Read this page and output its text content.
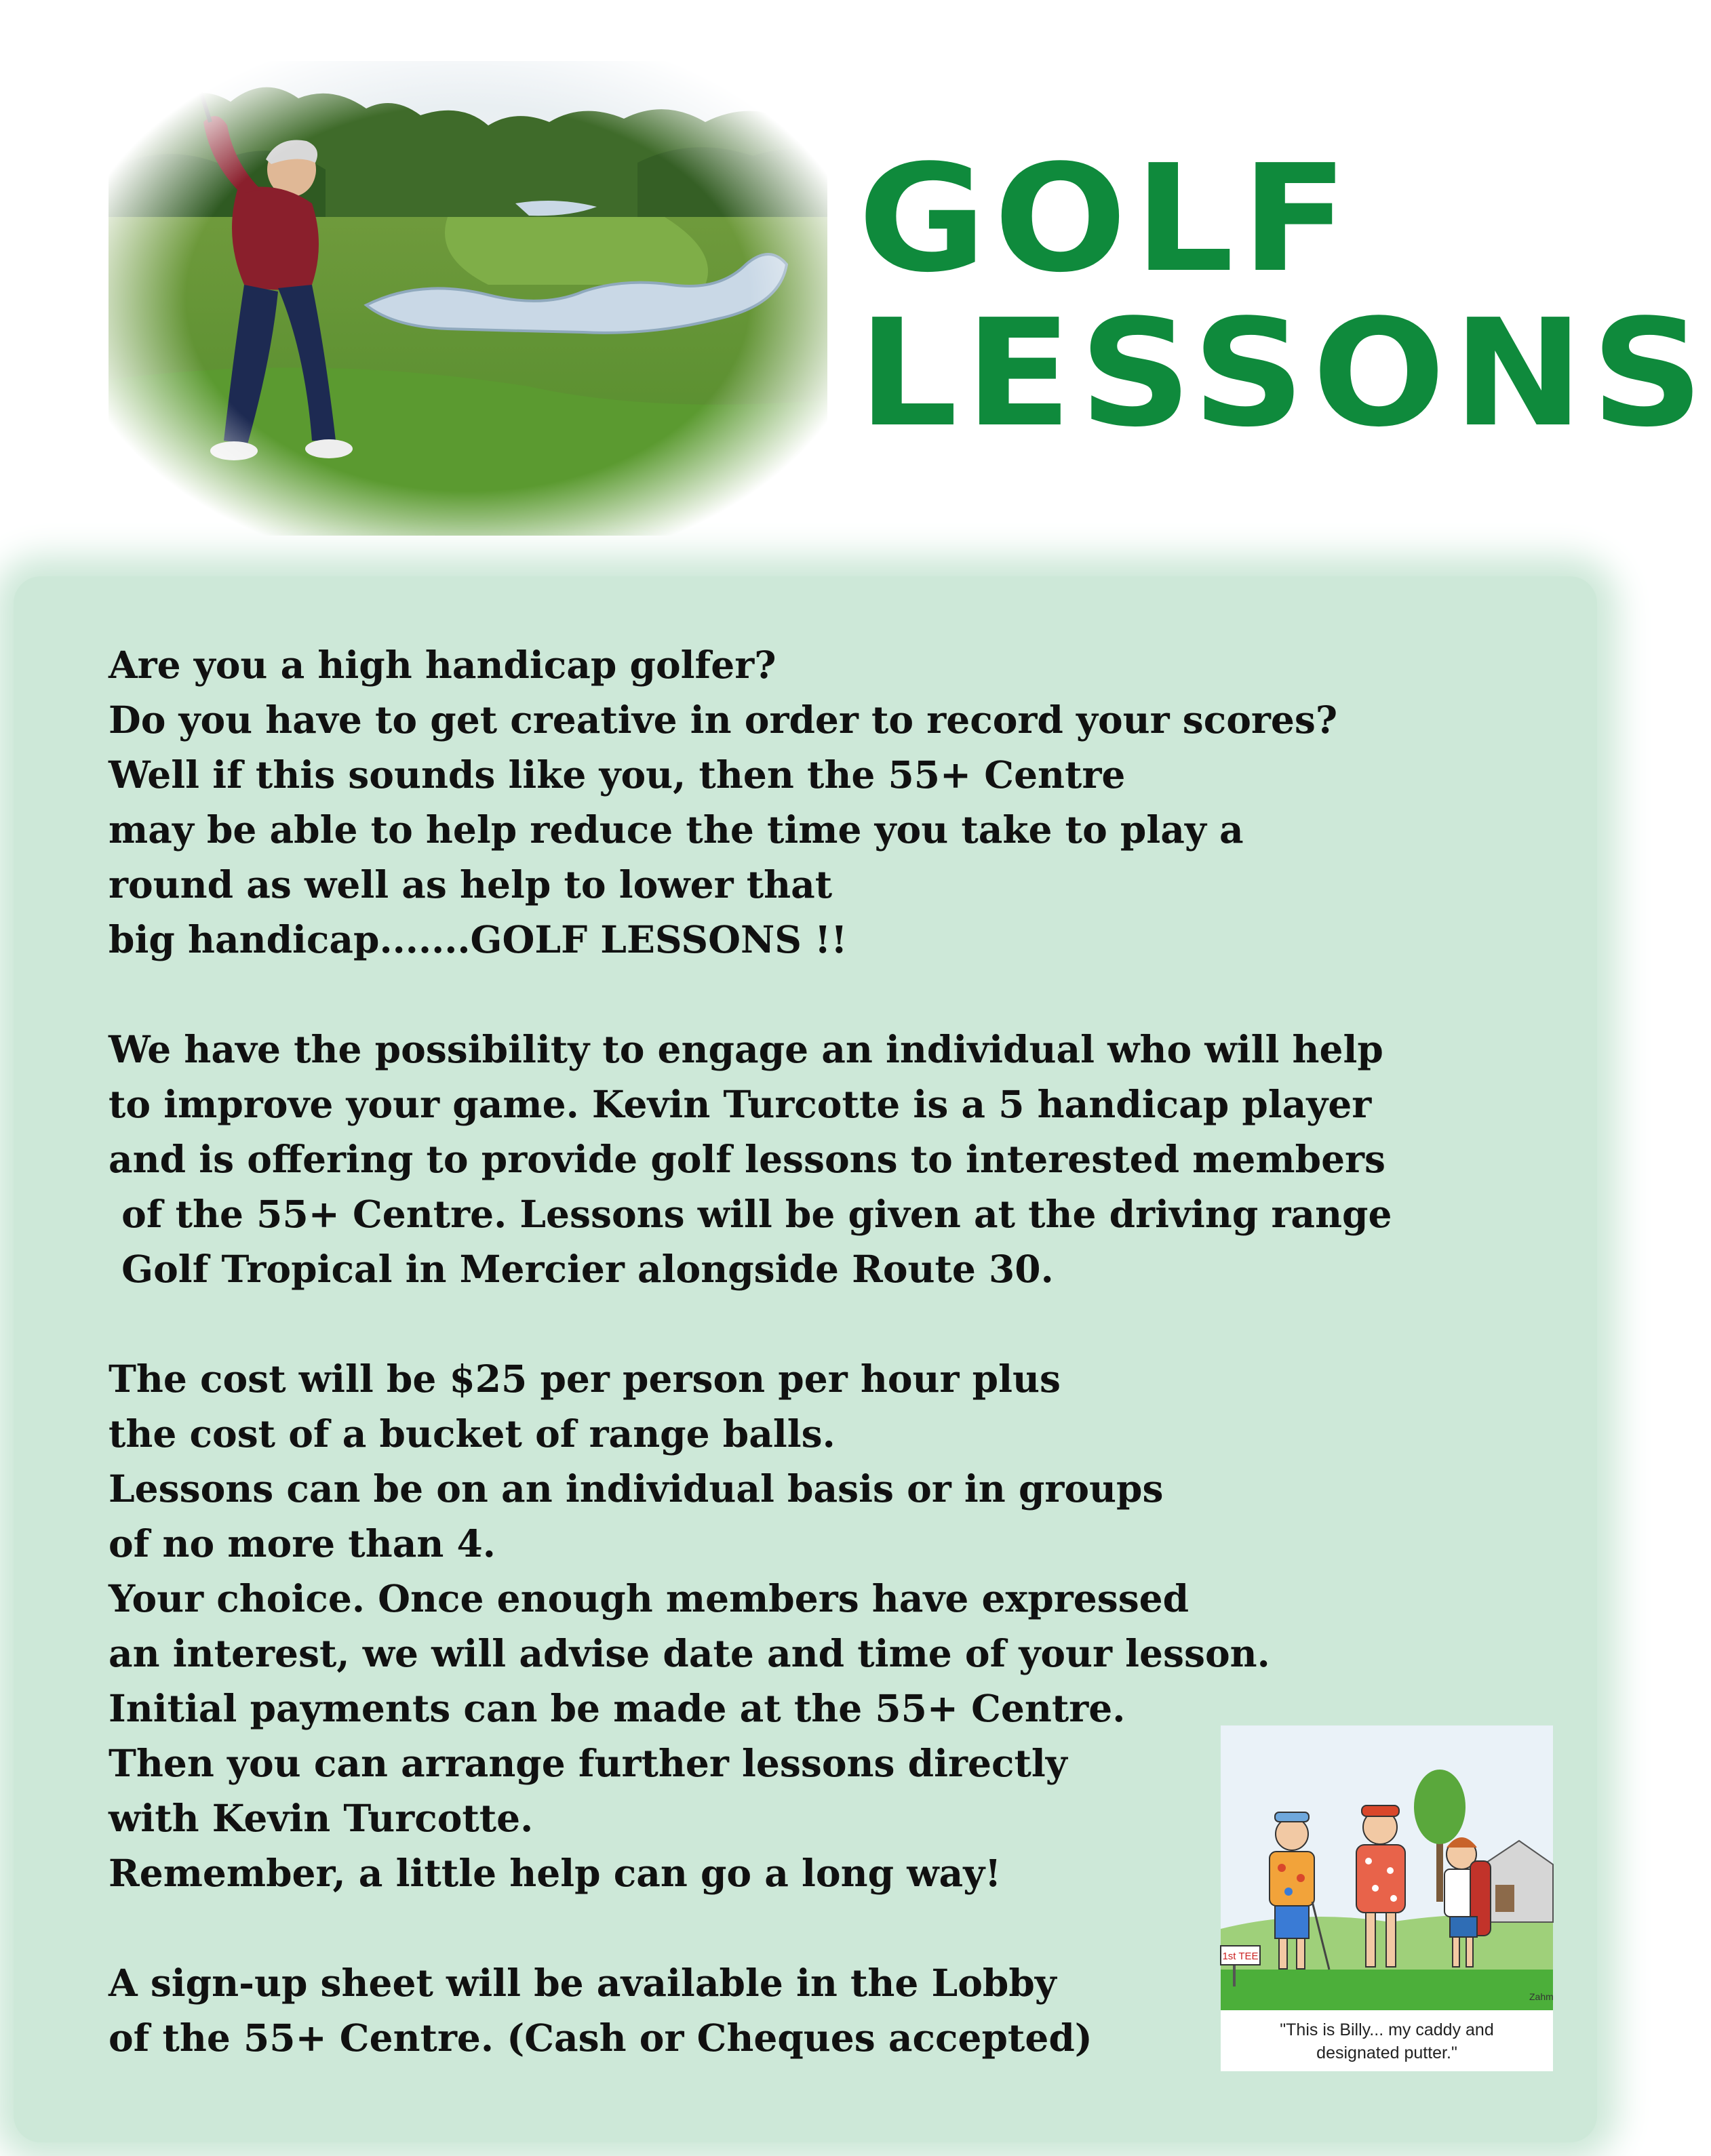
GOLF
LESSONS
Are you a high handicap golfer?
Do you have to get creative in order to record your scores?
Well if this sounds like you, then the 55+ Centre
may be able to help reduce the time you take to play a
round as well as help to lower that
big handicap.......GOLF LESSONS !!
We have the possibility to engage an individual who will help
to improve your game. Kevin Turcotte is a 5 handicap player
and is offering to provide golf lessons to interested members
of the 55+ Centre. Lessons will be given at the driving range
Golf Tropical in Mercier alongside Route 30.
The cost will be $25 per person per hour plus
the cost of a bucket of range balls.
Lessons can be on an individual basis or in groups
of no more than 4.
Your choice. Once enough members have expressed
an interest, we will advise date and time of your lesson.
Initial payments can be made at the 55+ Centre.
Then you can arrange further lessons directly
with Kevin Turcotte.
Remember, a little help can go a long way!
A sign-up sheet will be available in the Lobby
of the 55+ Centre. (Cash or Cheques accepted)
1st TEE
Zahm

"This is Billy... my caddy and
designated putter."
